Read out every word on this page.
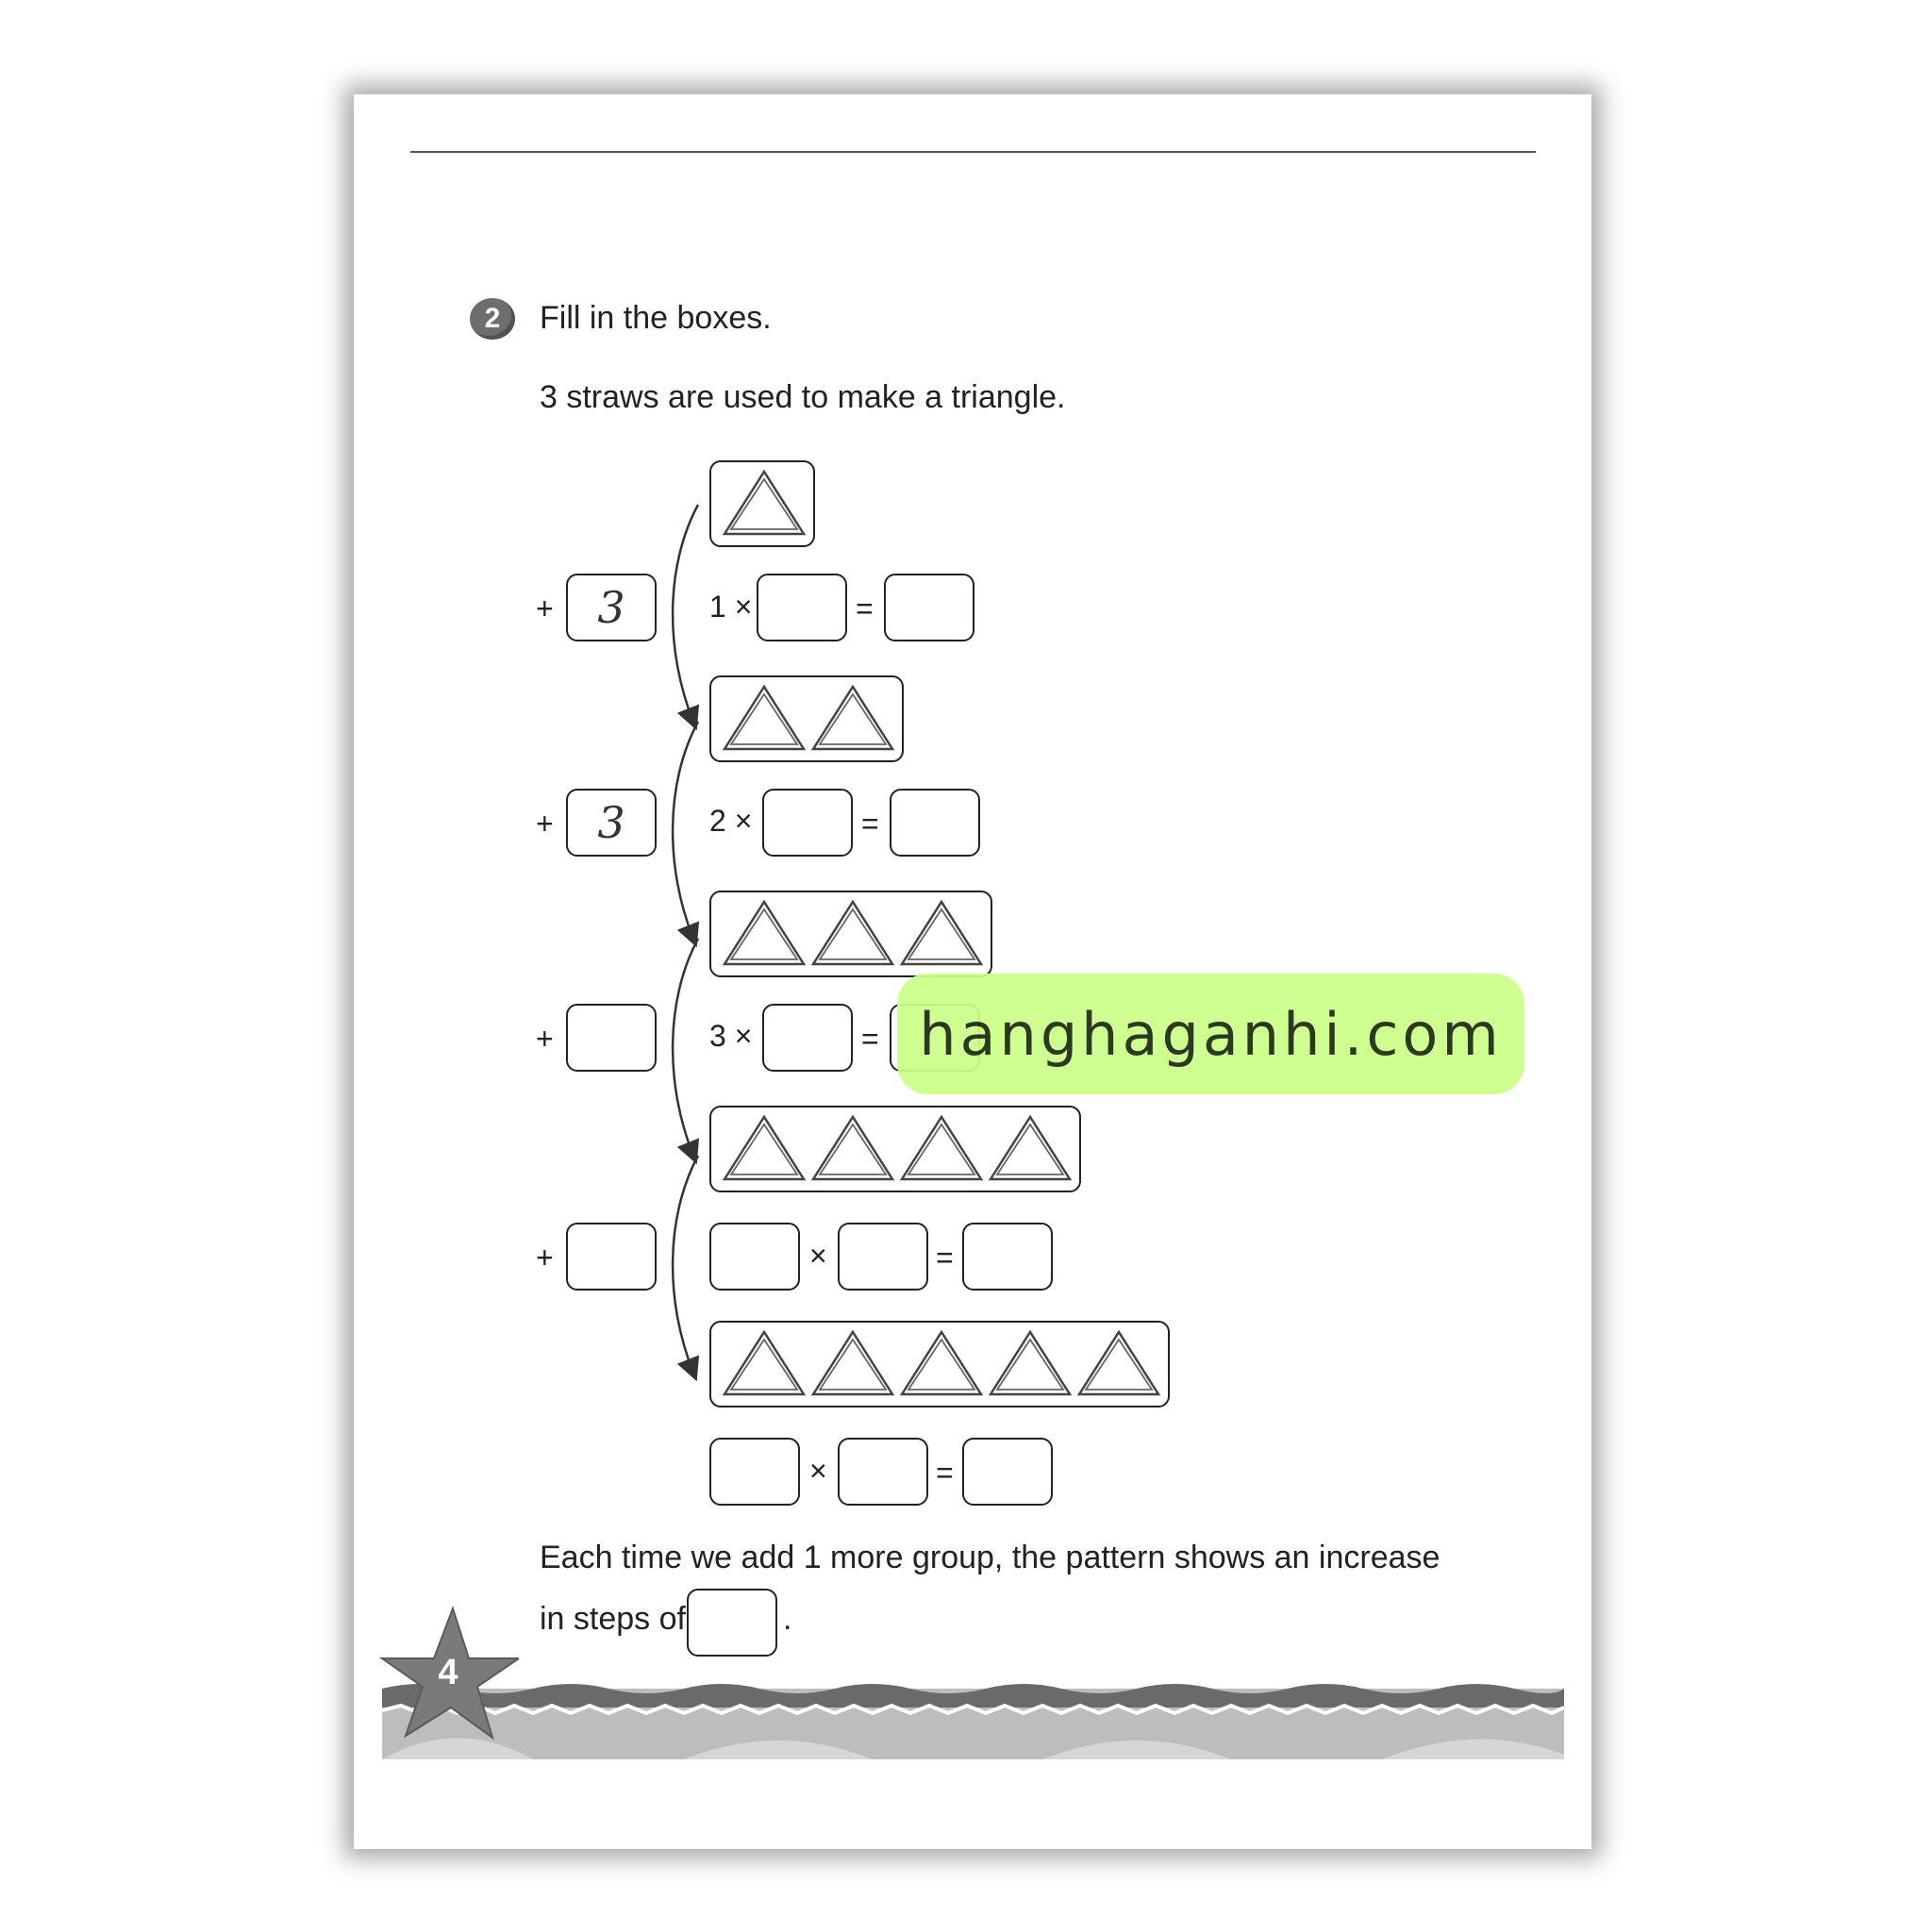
2 Fill in the boxes.
3 straws are used to make a triangle.
+	3	1 ×	=
+	3	2 ×	=
+	3 ×	=
+	×	=
×	=
Each time we add 1 more group, the pattern shows an increase
in steps of	.
4
hanghaganhi.com
